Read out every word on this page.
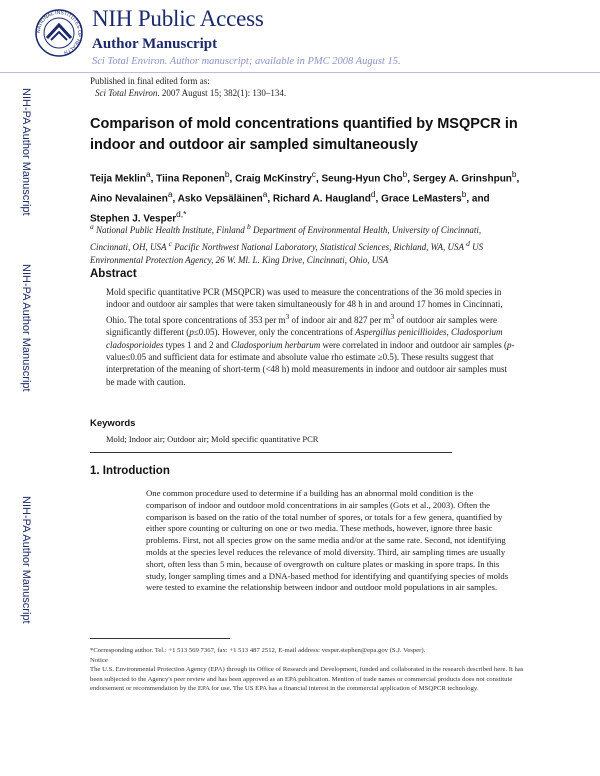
NATIONAL INSTITUTES OF HEALTH
NIH Public Access
Author Manuscript
Sci Total Environ. Author manuscript; available in PMC 2008 August 15.
Published in final edited form as:
Sci Total Environ. 2007 August 15; 382(1): 130–134.
NIH-PA Author Manuscript
NIH-PA Author Manuscript
NIH-PA Author Manuscript
Comparison of mold concentrations quantified by MSQPCR in indoor and outdoor air sampled simultaneously
Teija Meklin$^a$, Tiina Reponen$^b$, Craig McKinstry$^c$, Seung-Hyun Cho$^b$, Sergey A. Grinshpun$^b$, Aino Nevalainen$^a$, Asko Vepsäläinen$^a$, Richard A. Haugland$^d$, Grace LeMasters$^b$, and Stephen J. Vesper$^{d,*}$
$^a$ National Public Health Institute, Finland $^b$ Department of Environmental Health, University of Cincinnati, Cincinnati, OH, USA $^c$ Pacific Northwest National Laboratory, Statistical Sciences, Richland, WA, USA $^d$ US Environmental Protection Agency, 26 W. Ml. L. King Drive, Cincinnati, Ohio, USA
Abstract
Mold specific quantitative PCR (MSQPCR) was used to measure the concentrations of the 36 mold species in indoor and outdoor air samples that were taken simultaneously for 48 h in and around 17 homes in Cincinnati, Ohio. The total spore concentrations of 353 per $m^3$ of indoor air and 827 per $m^3$ of outdoor air samples were significantly different (p≤0.05). However, only the concentrations of Aspergillus penicillioides, Cladosporium cladosporioides types 1 and 2 and Cladosporium herbarum were correlated in indoor and outdoor air samples (p-value≤0.05 and sufficient data for estimate and absolute value rho estimate ≥0.5). These results suggest that interpretation of the meaning of short-term (<48 h) mold measurements in indoor and outdoor air samples must be made with caution.
Keywords
Mold; Indoor air; Outdoor air; Mold specific quantitative PCR
1. Introduction
One common procedure used to determine if a building has an abnormal mold condition is the comparison of indoor and outdoor mold concentrations in air samples (Gots et al., 2003). Often the comparison is based on the ratio of the total number of spores, or totals for a few genera, quantified by either spore counting or culturing on one or two media. These methods, however, ignore three basic problems. First, not all species grow on the same media and/or at the same rate. Second, not identifying molds at the species level reduces the relevance of mold diversity. Third, air sampling times are usually short, often less than 5 min, because of overgrowth on culture plates or masking in spore traps. In this study, longer sampling times and a DNA-based method for identifying and quantifying species of molds were tested to examine the relationship between indoor and outdoor mold populations in air samples.
*Corresponding author. Tel.: +1 513 569 7367, fax: +1 513 487 2512, E-mail address: vesper.stephen@epa.gov (S.J. Vesper).
Notice
The U.S. Environmental Protection Agency (EPA) through its Office of Research and Development, funded and collaborated in the research described here. It has been subjected to the Agency's peer review and has been approved as an EPA publication. Mention of trade names or commercial products does not constitute endorsement or recommendation by the EPA for use. The US EPA has a financial interest in the commercial application of MSQPCR technology.
